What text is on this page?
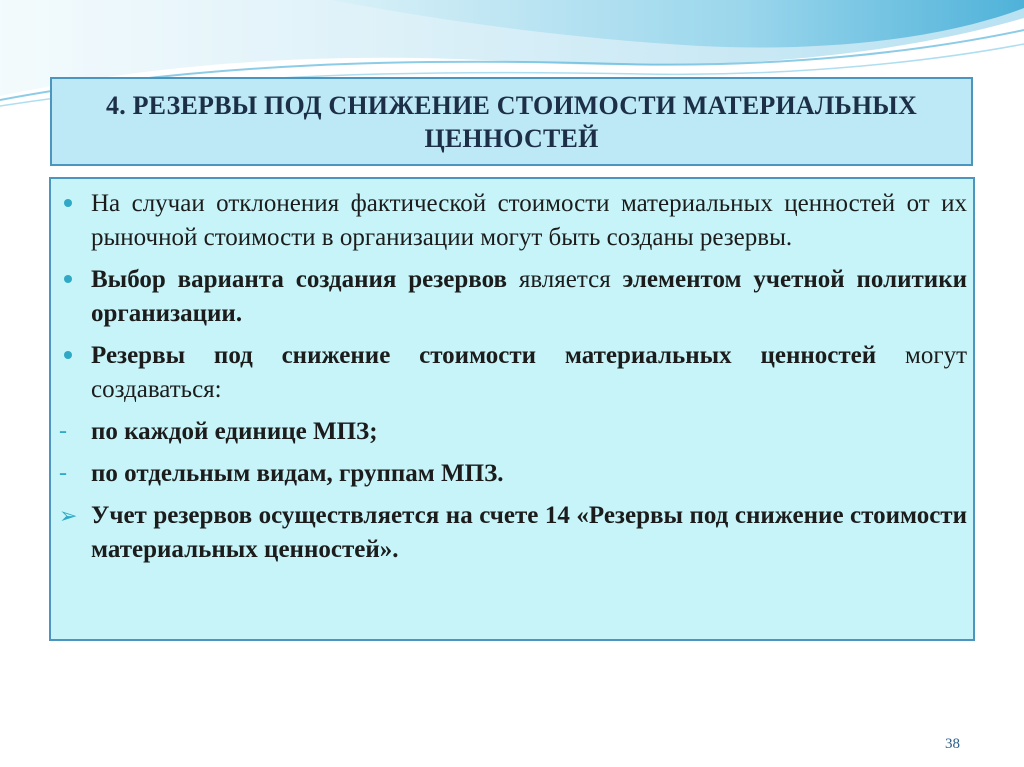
4. РЕЗЕРВЫ ПОД СНИЖЕНИЕ СТОИМОСТИ МАТЕРИАЛЬНЫХ ЦЕННОСТЕЙ
На случаи отклонения фактической стоимости материальных ценностей от их рыночной стоимости в организации могут быть созданы резервы.
Выбор варианта создания резервов является элементом учетной политики организации.
Резервы под снижение стоимости материальных ценностей могут создаваться:
- по каждой единице МПЗ;
- по отдельным видам, группам МПЗ.
➢ Учет резервов осуществляется на счете 14 «Резервы под снижение стоимости материальных ценностей».
38
